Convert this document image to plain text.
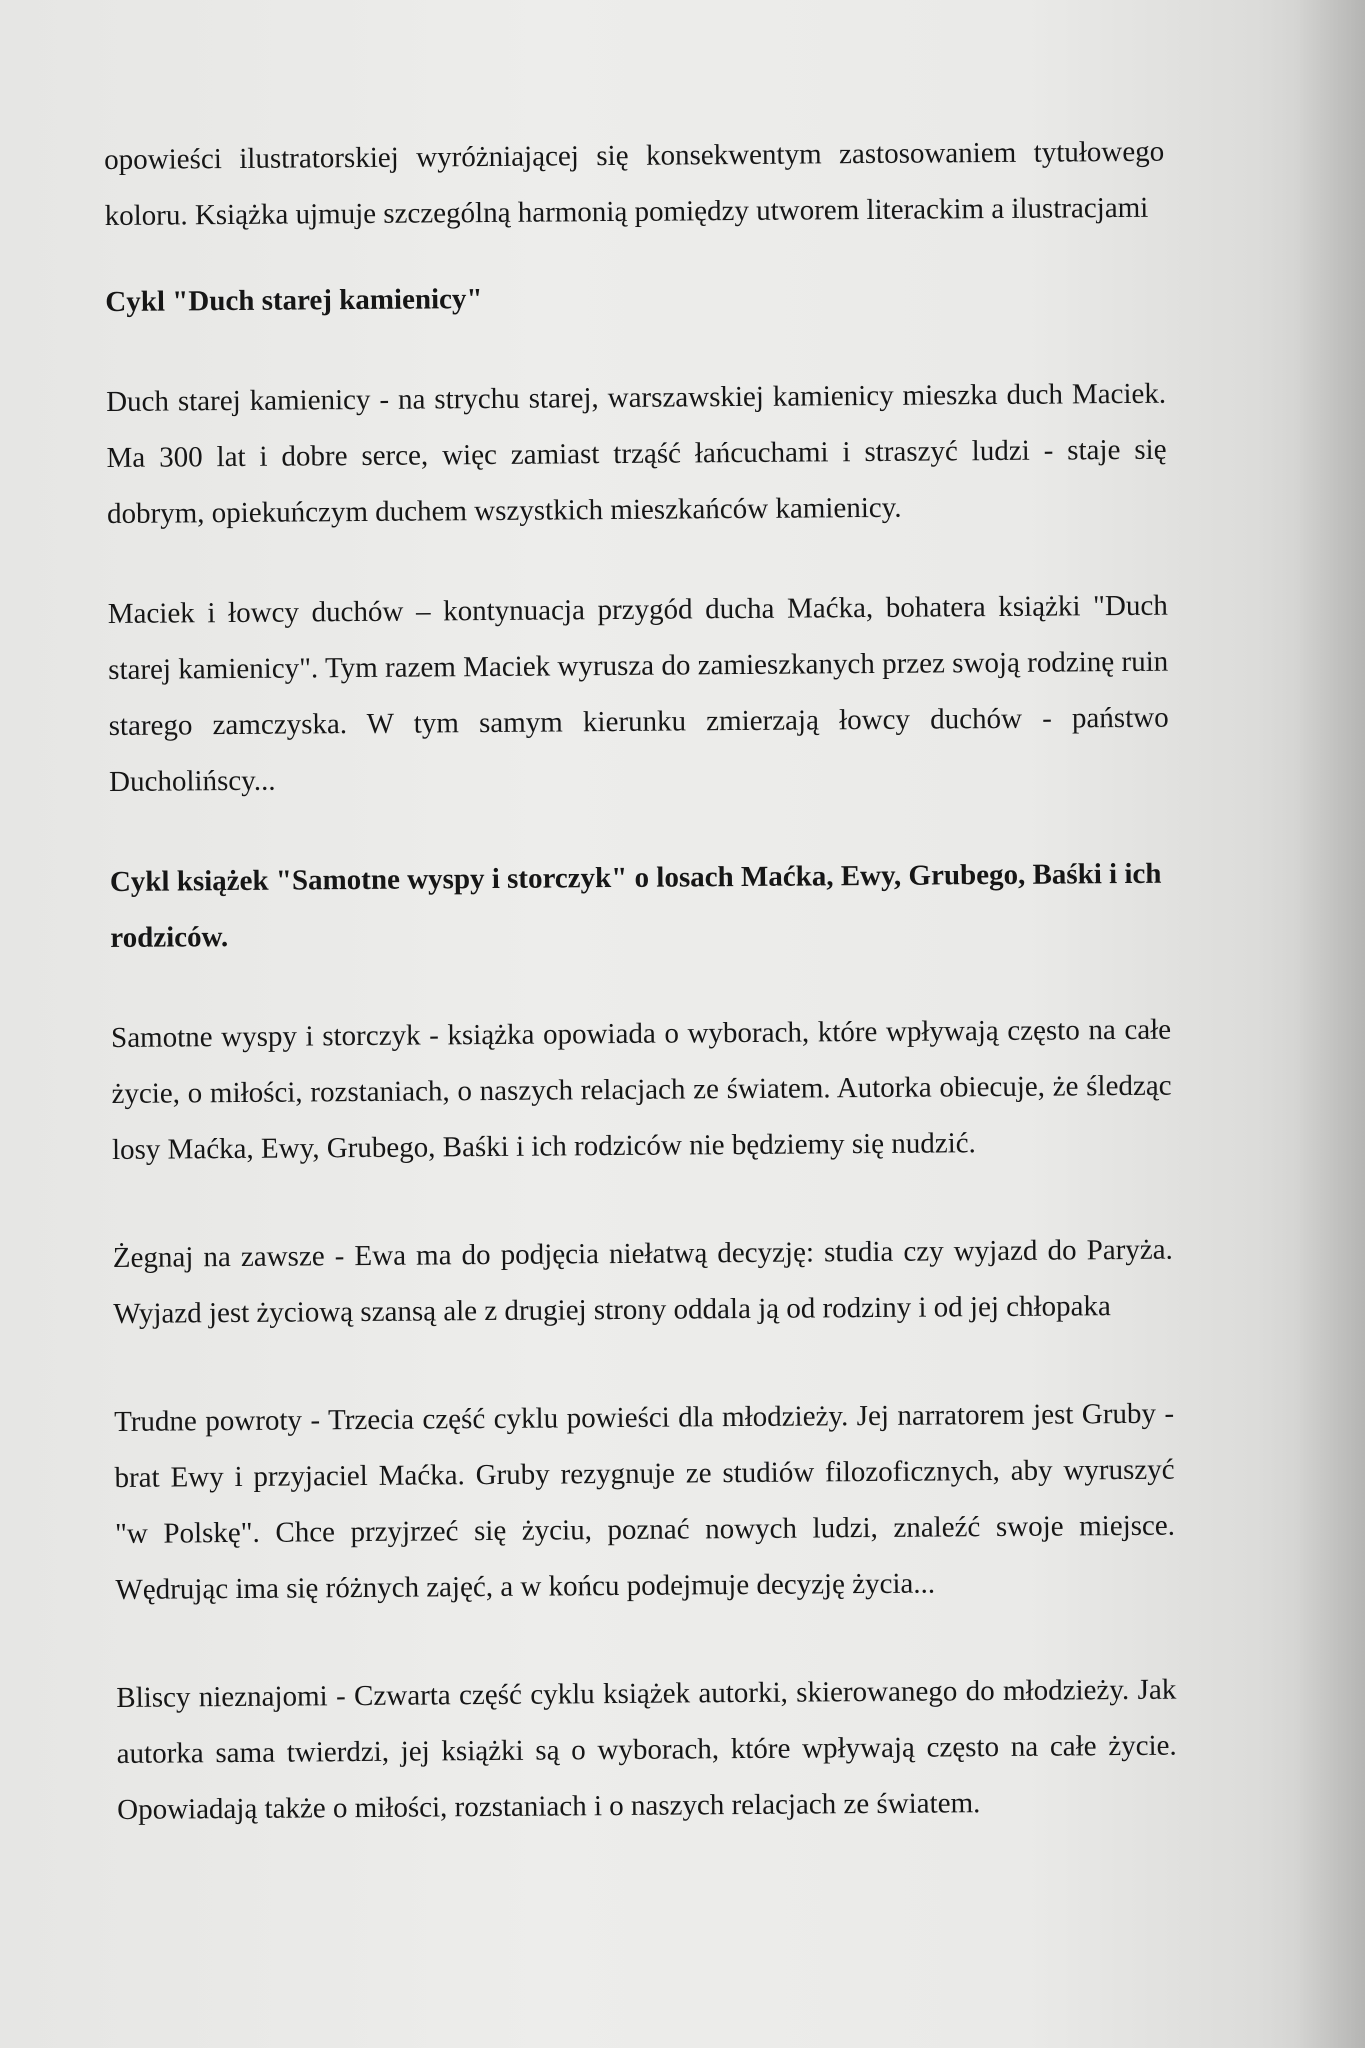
opowieści ilustratorskiej wyróżniającej się konsekwentym zastosowaniem tytułowego koloru. Książka ujmuje szczególną harmonią pomiędzy utworem literackim a ilustracjami

Cykl "Duch starej kamienicy"

Duch starej kamienicy - na strychu starej, warszawskiej kamienicy mieszka duch Maciek. Ma 300 lat i dobre serce, więc zamiast trząść łańcuchami i straszyć ludzi - staje się dobrym, opiekuńczym duchem wszystkich mieszkańców kamienicy.

Maciek i łowcy duchów – kontynuacja przygód ducha Maćka, bohatera książki "Duch starej kamienicy". Tym razem Maciek wyrusza do zamieszkanych przez swoją rodzinę ruin starego zamczyska. W tym samym kierunku zmierzają łowcy duchów - państwo Ducholińscy...

Cykl książek "Samotne wyspy i storczyk" o losach Maćka, Ewy, Grubego, Baśki i ich rodziców.

Samotne wyspy i storczyk - książka opowiada o wyborach, które wpływają często na całe życie, o miłości, rozstaniach, o naszych relacjach ze światem. Autorka obiecuje, że śledząc losy Maćka, Ewy, Grubego, Baśki i ich rodziców nie będziemy się nudzić.

Żegnaj na zawsze - Ewa ma do podjęcia niełatwą decyzję: studia czy wyjazd do Paryża. Wyjazd jest życiową szansą ale z drugiej strony oddala ją od rodziny i od jej chłopaka

Trudne powroty - Trzecia część cyklu powieści dla młodzieży. Jej narratorem jest Gruby - brat Ewy i przyjaciel Maćka. Gruby rezygnuje ze studiów filozoficznych, aby wyruszyć "w Polskę". Chce przyjrzeć się życiu, poznać nowych ludzi, znaleźć swoje miejsce. Wędrując ima się różnych zajęć, a w końcu podejmuje decyzję życia...

Bliscy nieznajomi - Czwarta część cyklu książek autorki, skierowanego do młodzieży. Jak autorka sama twierdzi, jej książki są o wyborach, które wpływają często na całe życie. Opowiadają także o miłości, rozstaniach i o naszych relacjach ze światem.
